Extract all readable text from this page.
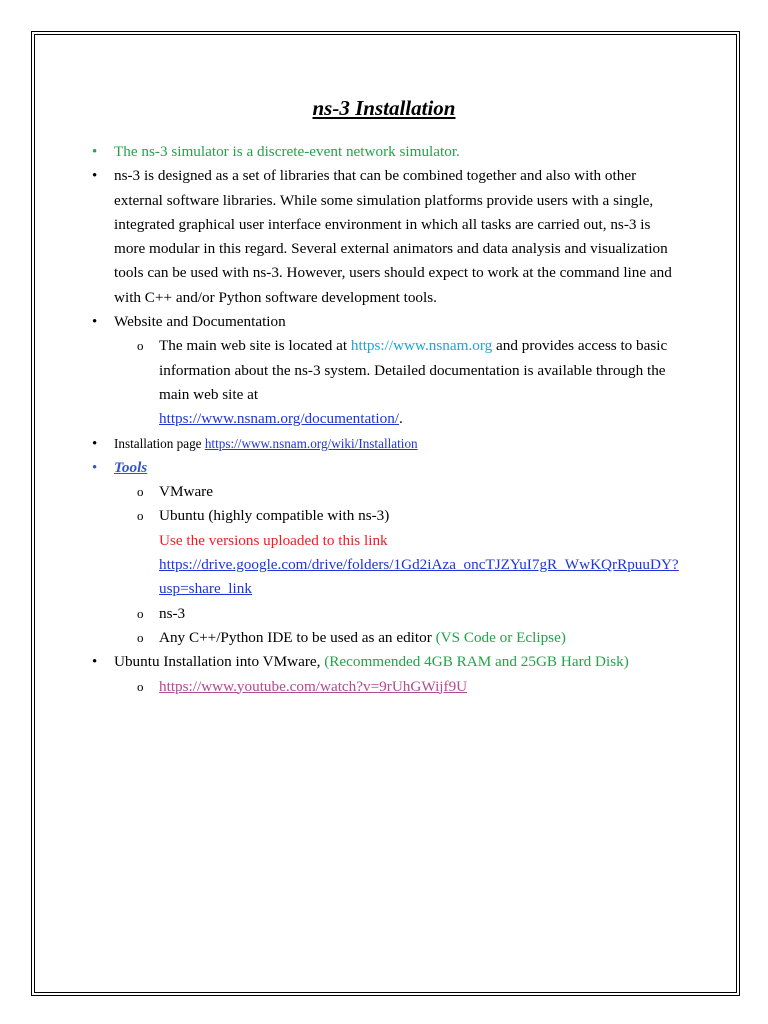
ns-3 Installation
• The ns-3 simulator is a discrete-event network simulator.
• ns-3 is designed as a set of libraries that can be combined together and also with other external software libraries. While some simulation platforms provide users with a single, integrated graphical user interface environment in which all tasks are carried out, ns-3 is more modular in this regard. Several external animators and data analysis and visualization tools can be used with ns-3. However, users should expect to work at the command line and with C++ and/or Python software development tools.
• Website and Documentation
o The main web site is located at https://www.nsnam.org and provides access to basic information about the ns-3 system. Detailed documentation is available through the main web site at
https://www.nsnam.org/documentation/.
• Installation page https://www.nsnam.org/wiki/Installation
• Tools
o VMware
o Ubuntu (highly compatible with ns-3)
Use the versions uploaded to this link
https://drive.google.com/drive/folders/1Gd2iAza_oncTJZYuI7gR_WwKQrRpuuDY?usp=share_link
o ns-3
o Any C++/Python IDE to be used as an editor (VS Code or Eclipse)
• Ubuntu Installation into VMware, (Recommended 4GB RAM and 25GB Hard Disk)
o https://www.youtube.com/watch?v=9rUhGWijf9U
